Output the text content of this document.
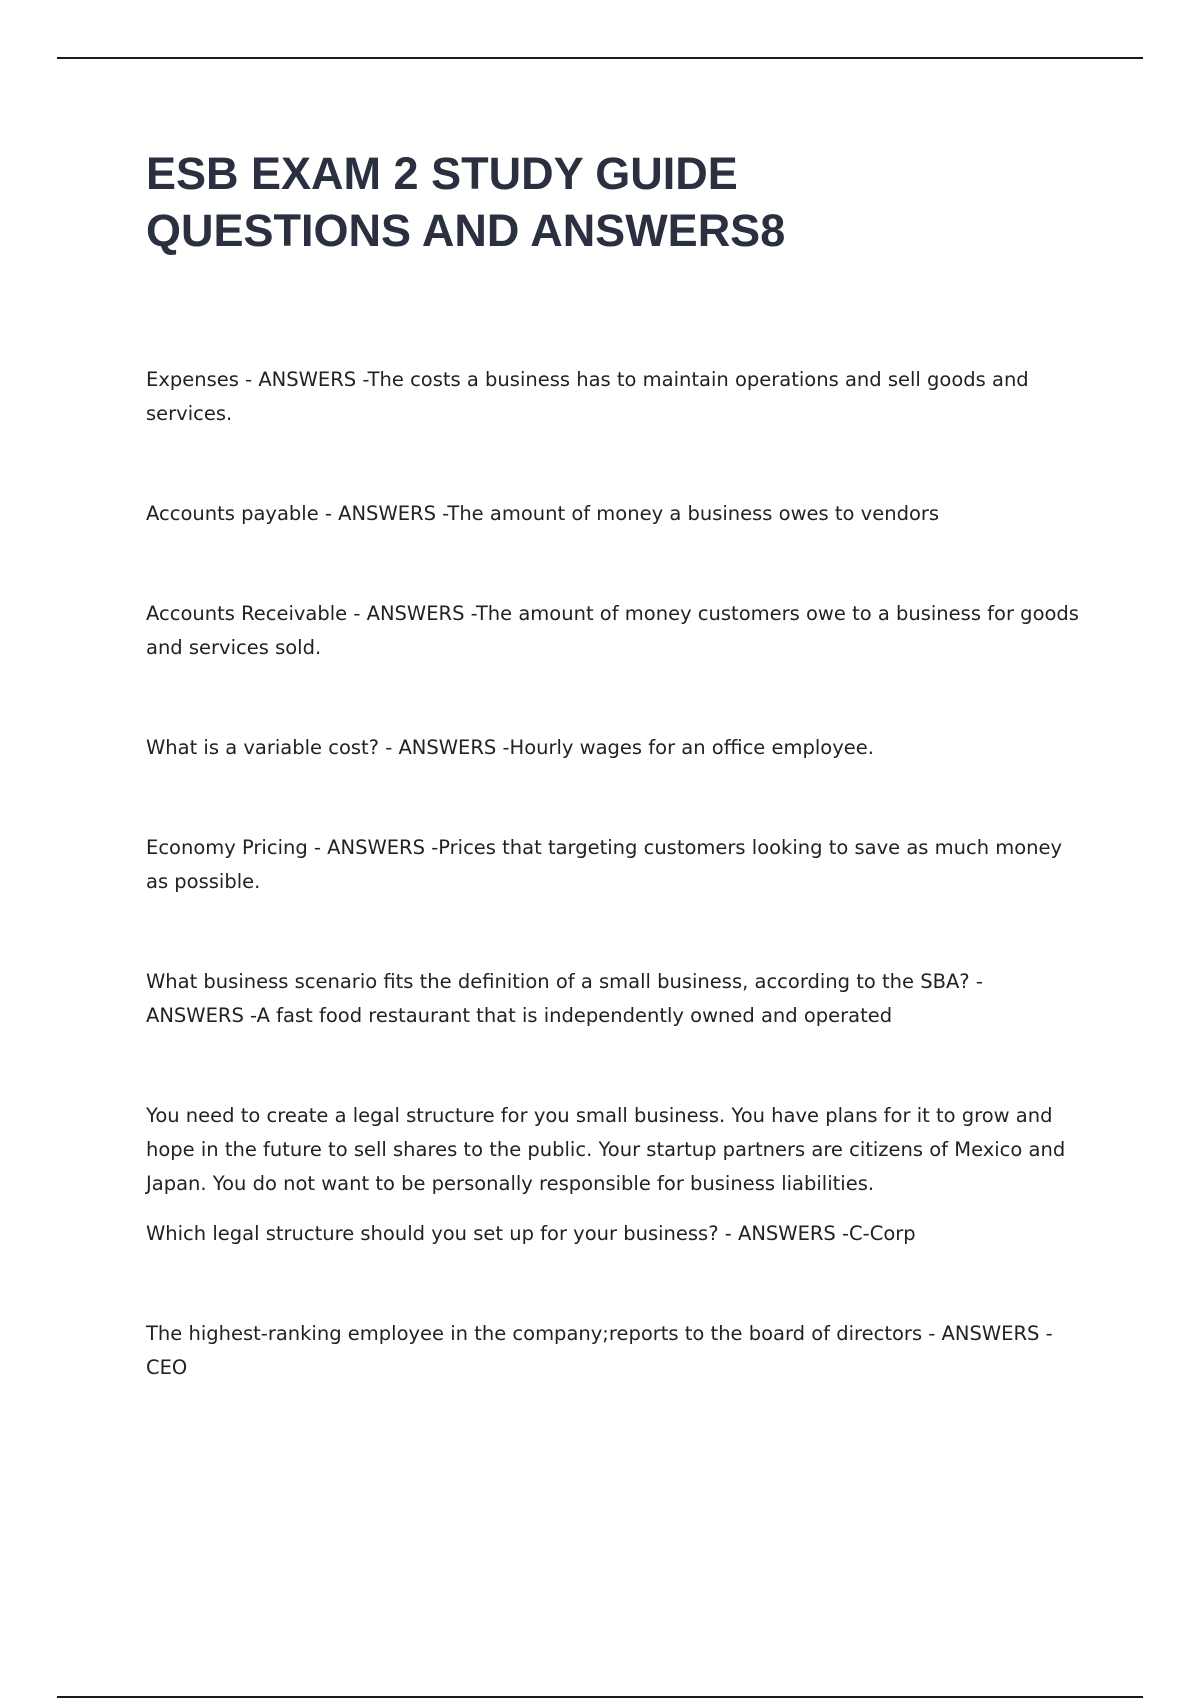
ESB EXAM 2 STUDY GUIDE
QUESTIONS AND ANSWERS8

Expenses - ANSWERS -The costs a business has to maintain operations and sell goods and services.

Accounts payable - ANSWERS -The amount of money a business owes to vendors

Accounts Receivable - ANSWERS -The amount of money customers owe to a business for goods and services sold.

What is a variable cost? - ANSWERS -Hourly wages for an office employee.

Economy Pricing - ANSWERS -Prices that targeting customers looking to save as much money as possible.

What business scenario fits the definition of a small business, according to the SBA? - ANSWERS -A fast food restaurant that is independently owned and operated

You need to create a legal structure for you small business. You have plans for it to grow and hope in the future to sell shares to the public. Your startup partners are citizens of Mexico and Japan. You do not want to be personally responsible for business liabilities.

Which legal structure should you set up for your business? - ANSWERS -C-Corp

The highest-ranking employee in the company;reports to the board of directors - ANSWERS -CEO
